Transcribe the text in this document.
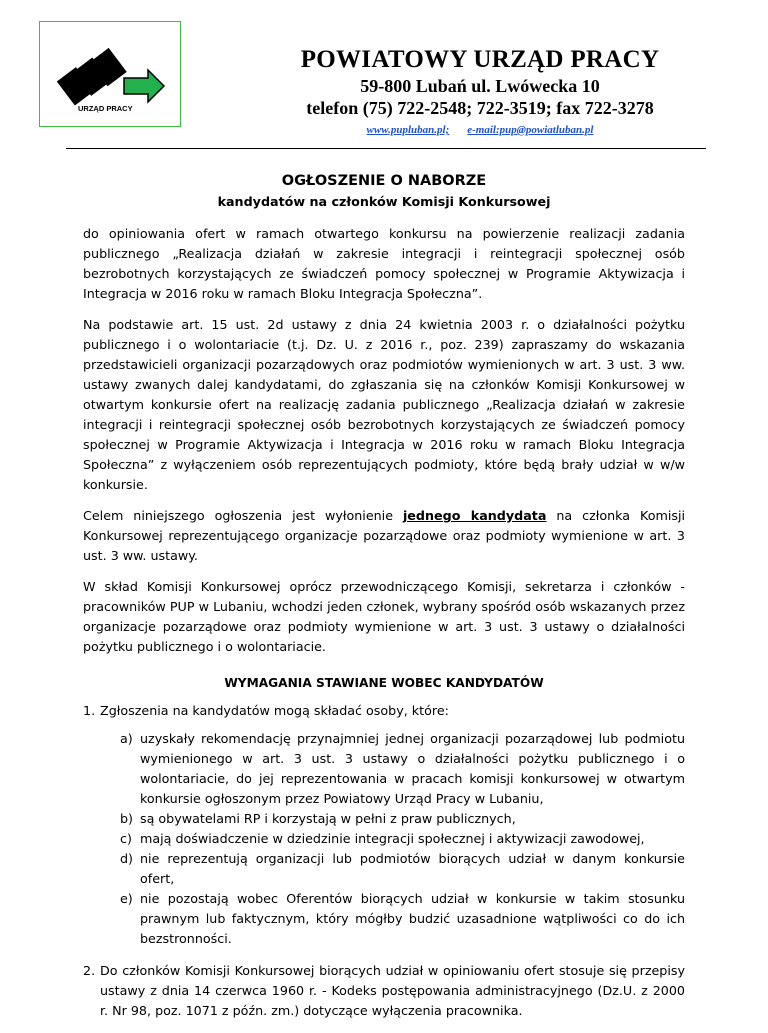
URZĄD PRACY
POWIATOWY URZĄD PRACY
59-800 Lubań ul. Lwówecka 10
telefon (75) 722-2548; 722-3519; fax 722-3278
www.pupluban.pl; e-mail:pup@powiatluban.pl
OGŁOSZENIE O NABORZE
kandydatów na członków Komisji Konkursowej

do opiniowania ofert w ramach otwartego konkursu na powierzenie realizacji zadania publicznego „Realizacja działań w zakresie integracji i reintegracji społecznej osób bezrobotnych korzystających ze świadczeń pomocy społecznej w Programie Aktywizacja i Integracja w 2016 roku w ramach Bloku Integracja Społeczna”.

Na podstawie art. 15 ust. 2d ustawy z dnia 24 kwietnia 2003 r. o działalności pożytku publicznego i o wolontariacie (t.j. Dz. U. z 2016 r., poz. 239) zapraszamy do wskazania przedstawicieli organizacji pozarządowych oraz podmiotów wymienionych w art. 3 ust. 3 ww. ustawy zwanych dalej kandydatami, do zgłaszania się na członków Komisji Konkursowej w otwartym konkursie ofert na realizację zadania publicznego „Realizacja działań w zakresie integracji i reintegracji społecznej osób bezrobotnych korzystających ze świadczeń pomocy społecznej w Programie Aktywizacja i Integracja w 2016 roku w ramach Bloku Integracja Społeczna” z wyłączeniem osób reprezentujących podmioty, które będą brały udział w w/w konkursie.

Celem niniejszego ogłoszenia jest wyłonienie jednego kandydata na członka Komisji Konkursowej reprezentującego organizacje pozarządowe oraz podmioty wymienione w art. 3 ust. 3 ww. ustawy.

W skład Komisji Konkursowej oprócz przewodniczącego Komisji, sekretarza i członków - pracowników PUP w Lubaniu, wchodzi jeden członek, wybrany spośród osób wskazanych przez organizacje pozarządowe oraz podmioty wymienione w art. 3 ust. 3 ustawy o działalności pożytku publicznego i o wolontariacie.

WYMAGANIA STAWIANE WOBEC KANDYDATÓW
1. Zgłoszenia na kandydatów mogą składać osoby, które:
a) uzyskały rekomendację przynajmniej jednej organizacji pozarządowej lub podmiotu wymienionego w art. 3 ust. 3 ustawy o działalności pożytku publicznego i o wolontariacie, do jej reprezentowania w pracach komisji konkursowej w otwartym konkursie ogłoszonym przez Powiatowy Urząd Pracy w Lubaniu,
b) są obywatelami RP i korzystają w pełni z praw publicznych,
c) mają doświadczenie w dziedzinie integracji społecznej i aktywizacji zawodowej,
d) nie reprezentują organizacji lub podmiotów biorących udział w danym konkursie ofert,
e) nie pozostają wobec Oferentów biorących udział w konkursie w takim stosunku prawnym lub faktycznym, który mógłby budzić uzasadnione wątpliwości co do ich bezstronności.
2. Do członków Komisji Konkursowej biorących udział w opiniowaniu ofert stosuje się przepisy ustawy z dnia 14 czerwca 1960 r. - Kodeks postępowania administracyjnego (Dz.U. z 2000 r. Nr 98, poz. 1071 z późn. zm.) dotyczące wyłączenia pracownika.
